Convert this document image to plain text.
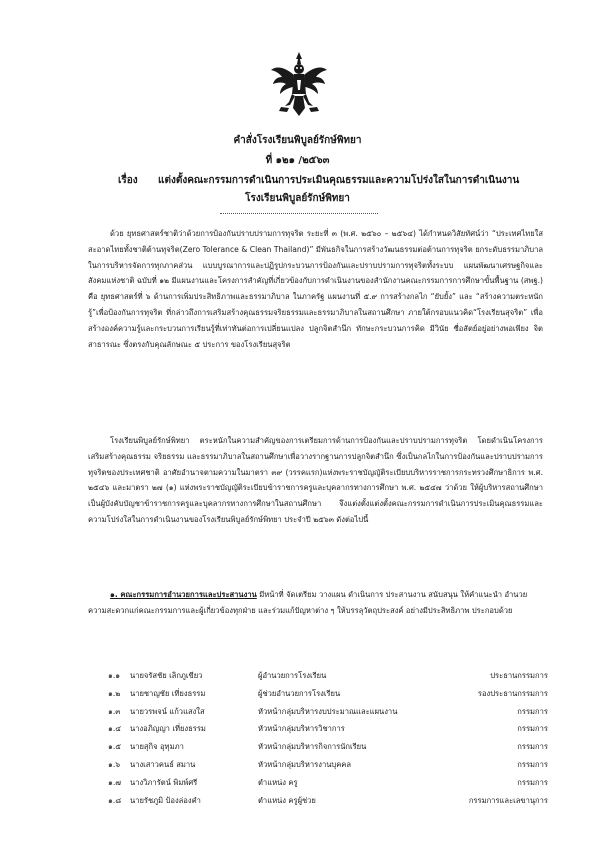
คำสั่งโรงเรียนพิบูลย์รักษ์พิทยา
ที่ ๑๒๑ /๒๕๖๓
เรื่อง แต่งตั้งคณะกรรมการดำเนินการประเมินคุณธรรมและความโปร่งใสในการดำเนินงาน
โรงเรียนพิบูลย์รักษ์พิทยา
ด้วย ยุทธศาสตร์ชาติว่าด้วยการป้องกันปราบปรามการทุจริต ระยะที่ ๓ (พ.ศ. ๒๕๖๐ – ๒๕๖๔) ได้กำหนดวิสัยทัศน์ว่า “ประเทศไทยใสสะอาดไทยทั้งชาติต้านทุจริต(Zero Tolerance & Clean Thailand)” มีพันธกิจในการสร้างวัฒนธรรมต่อต้านการทุจริต ยกระดับธรรมาภิบาลในการบริหารจัดการทุกภาคส่วน แบบบูรณาการและปฏิรูปกระบวนการป้องกันและปราบปรามการทุจริตทั้งระบบ แผนพัฒนาเศรษฐกิจและสังคมแห่งชาติ ฉบับที่ ๑๒ มีแผนงานและโครงการสำคัญที่เกี่ยวข้องกับการดำเนินงานของสำนักงานคณะกรรมการการศึกษาขั้นพื้นฐาน (สพฐ.) คือ ยุทธศาสตร์ที่ ๖ ด้านการเพิ่มประสิทธิภาพและธรรมาภิบาล ในภาครัฐ แผนงานที่ ๕.๙ การสร้างกลไก “ยับยั้ง” และ “สร้างความตระหนักรู้”เพื่อป้องกันการทุจริต ที่กล่าวถึงการเสริมสร้างคุณธรรมจริยธรรมและธรรมาภิบาลในสถานศึกษา ภายใต้กรอบแนวคิด“โรงเรียนสุจริต” เพื่อสร้างองค์ความรู้และกระบวนการเรียนรู้ที่เท่าทันต่อการเปลี่ยนแปลง ปลูกจิตสำนึก ทักษะกระบวนการคิด มีวินัย ซื่อสัตย์อยู่อย่างพอเพียง จิตสาธารณะ ซึ่งตรงกับคุณลักษณะ ๕ ประการ ของโรงเรียนสุจริต
โรงเรียนพิบูลย์รักษ์พิทยา ตระหนักในความสำคัญของการเตรียมการด้านการป้องกันและปราบปรามการทุจริต โดยดำเนินโครงการเสริมสร้างคุณธรรม จริยธรรม และธรรมาภิบาลในสถานศึกษาเพื่อวางรากฐานการปลูกจิตสำนึก ซึ่งเป็นกลไกในการป้องกันและปราบปรามการทุจริตของประเทศชาติ อาศัยอำนาจตามความในมาตรา ๓๙ (วรรคแรก)แห่งพระราชบัญญัติระเบียบบริหารราชการกระทรวงศึกษาธิการ พ.ศ. ๒๕๔๖ และมาตรา ๒๗ (๑) แห่งพระราชบัญญัติระเบียบข้าราชการครูและบุคลากรทางการศึกษา พ.ศ. ๒๕๔๗ ว่าด้วย ให้ผู้บริหารสถานศึกษาเป็นผู้บังคับบัญชาข้าราชการครูและบุคลากรทางการศึกษาในสถานศึกษา จึงแต่งตั้งแต่งตั้งคณะกรรมการดำเนินการประเมินคุณธรรมและความโปร่งใสในการดำเนินงานของโรงเรียนพิบูลย์รักษ์พิทยา ประจำปี ๒๕๖๓ ดังต่อไปนี้
๑. คณะกรรมการอำนวยการและประสานงาน มีหน้าที่ จัดเตรียม วางแผน ดำเนินการ ประสานงาน สนับสนุน ให้คำแนะนำ อำนวยความสะดวกแก่คณะกรรมการและผู้เกี่ยวข้องทุกฝ่าย และร่วมแก้ปัญหาต่าง ๆ ให้บรรลุวัตถุประสงค์ อย่างมีประสิทธิภาพ ประกอบด้วย
๑.๑ นายจรัสชัย เลิกภูเขียว	ผู้อำนวยการโรงเรียน	ประธานกรรมการ
๑.๒ นายชาญชัย เที่ยงธรรม	ผู้ช่วยอำนวยการโรงเรียน	รองประธานกรรมการ
๑.๓ นายวรพจน์ แก้วแสงใส	หัวหน้ากลุ่มบริหารงบประมาณและแผนงาน	กรรมการ
๑.๔ นางอภิญญา เที่ยงธรรม	หัวหน้ากลุ่มบริหารวิชาการ	กรรมการ
๑.๕ นายสุกิจ อุทุมภา	หัวหน้ากลุ่มบริหารกิจการนักเรียน	กรรมการ
๑.๖ นางเสาวคนธ์ สมาน	หัวหน้ากลุ่มบริหารงานบุคคล	กรรมการ
๑.๗ นางวิภารัตน์ พิมพ์ศรี	ตำแหน่ง ครู	กรรมการ
๑.๘ นายรัชภูมิ ป้องล่องคำ	ตำแหน่ง ครูผู้ช่วย	กรรมการและเลขานุการ
